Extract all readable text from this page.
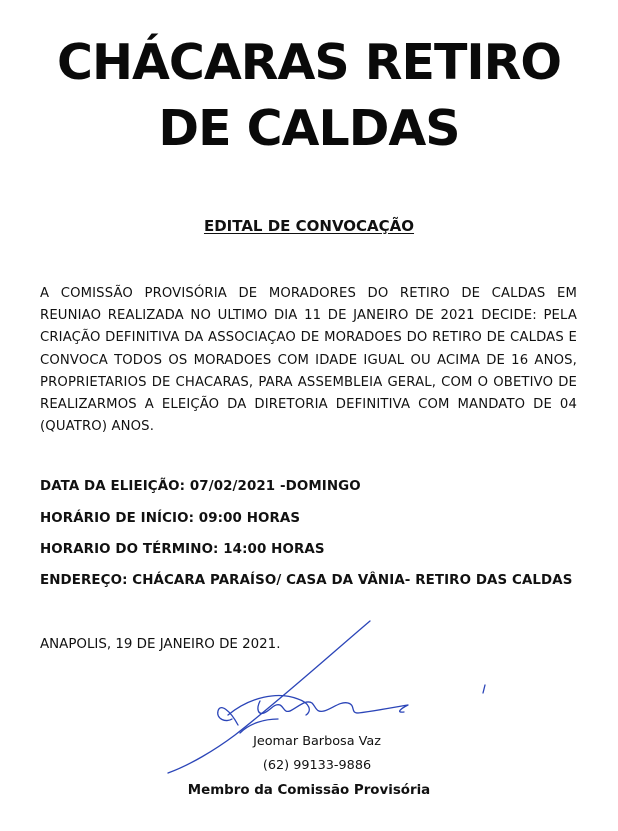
CHÁCARAS RETIRO
DE CALDAS
EDITAL DE CONVOCAÇÃO
A COMISSÃO PROVISÓRIA DE MORADORES DO RETIRO DE CALDAS EM REUNIAO REALIZADA NO ULTIMO DIA 11 DE JANEIRO DE 2021 DECIDE: PELA CRIAÇÃO DEFINITIVA DA ASSOCIAÇAO DE MORADOES DO RETIRO DE CALDAS E CONVOCA TODOS OS MORADOES COM IDADE IGUAL OU ACIMA DE 16 ANOS, PROPRIETARIOS DE CHACARAS, PARA ASSEMBLEIA GERAL, COM O OBETIVO DE REALIZARMOS A ELEIÇÃO DA DIRETORIA DEFINITIVA COM MANDATO DE 04 (QUATRO) ANOS.
DATA DA ELIEIÇÃO: 07/02/2021 -DOMINGO
HORÁRIO DE INÍCIO: 09:00 HORAS
HORARIO DO TÉRMINO: 14:00 HORAS
ENDEREÇO: CHÁCARA PARAÍSO/ CASA DA VÂNIA- RETIRO DAS CALDAS
ANAPOLIS, 19 DE JANEIRO DE 2021.
Jeomar Barbosa Vaz
(62) 99133-9886
Membro da Comissão Provisória
